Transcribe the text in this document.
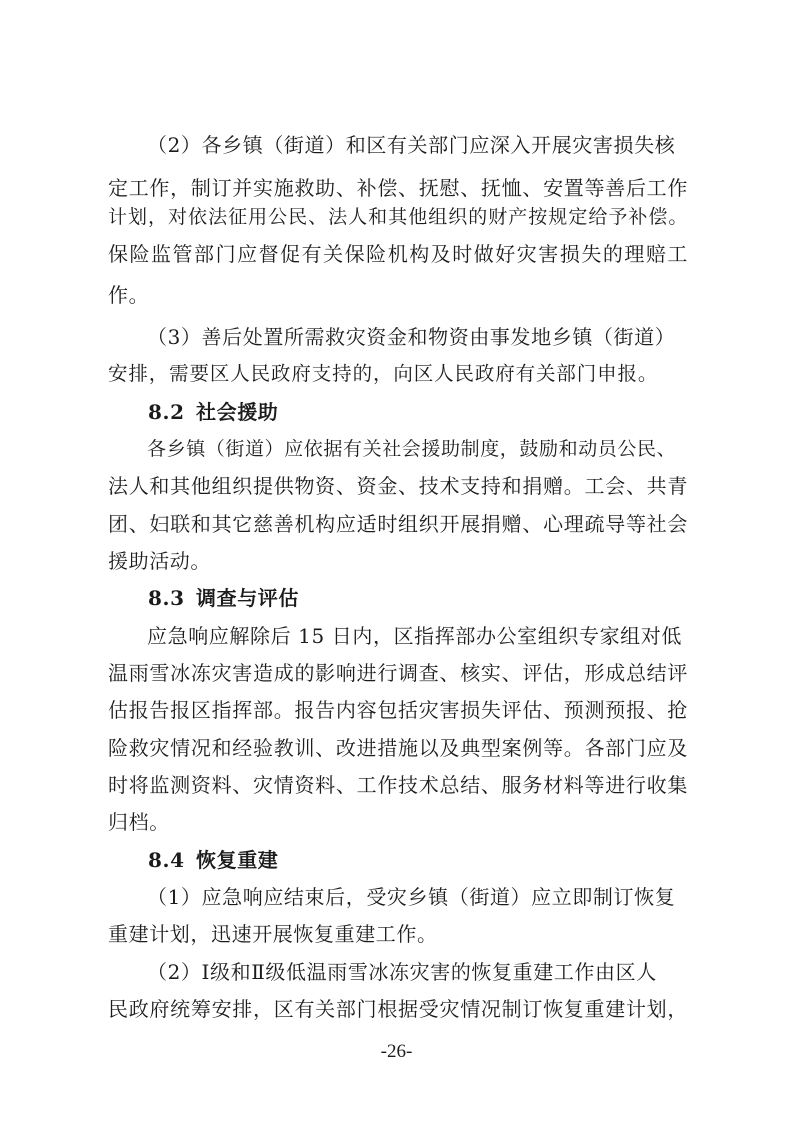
（2）各乡镇（街道）和区有关部门应深入开展灾害损失核
定工作，制订并实施救助、补偿、抚慰、抚恤、安置等善后工作
计划，对依法征用公民、法人和其他组织的财产按规定给予补偿。
保险监管部门应督促有关保险机构及时做好灾害损失的理赔工
作。
（3）善后处置所需救灾资金和物资由事发地乡镇（街道）
安排，需要区人民政府支持的，向区人民政府有关部门申报。
8.2 社会援助
各乡镇（街道）应依据有关社会援助制度，鼓励和动员公民、
法人和其他组织提供物资、资金、技术支持和捐赠。工会、共青
团、妇联和其它慈善机构应适时组织开展捐赠、心理疏导等社会
援助活动。
8.3 调查与评估
应急响应解除后 15 日内，区指挥部办公室组织专家组对低
温雨雪冰冻灾害造成的影响进行调查、核实、评估，形成总结评
估报告报区指挥部。报告内容包括灾害损失评估、预测预报、抢
险救灾情况和经验教训、改进措施以及典型案例等。各部门应及
时将监测资料、灾情资料、工作技术总结、服务材料等进行收集
归档。
8.4 恢复重建
（1）应急响应结束后，受灾乡镇（街道）应立即制订恢复
重建计划，迅速开展恢复重建工作。
（2）Ⅰ级和Ⅱ级低温雨雪冰冻灾害的恢复重建工作由区人
民政府统筹安排，区有关部门根据受灾情况制订恢复重建计划，
-26-
